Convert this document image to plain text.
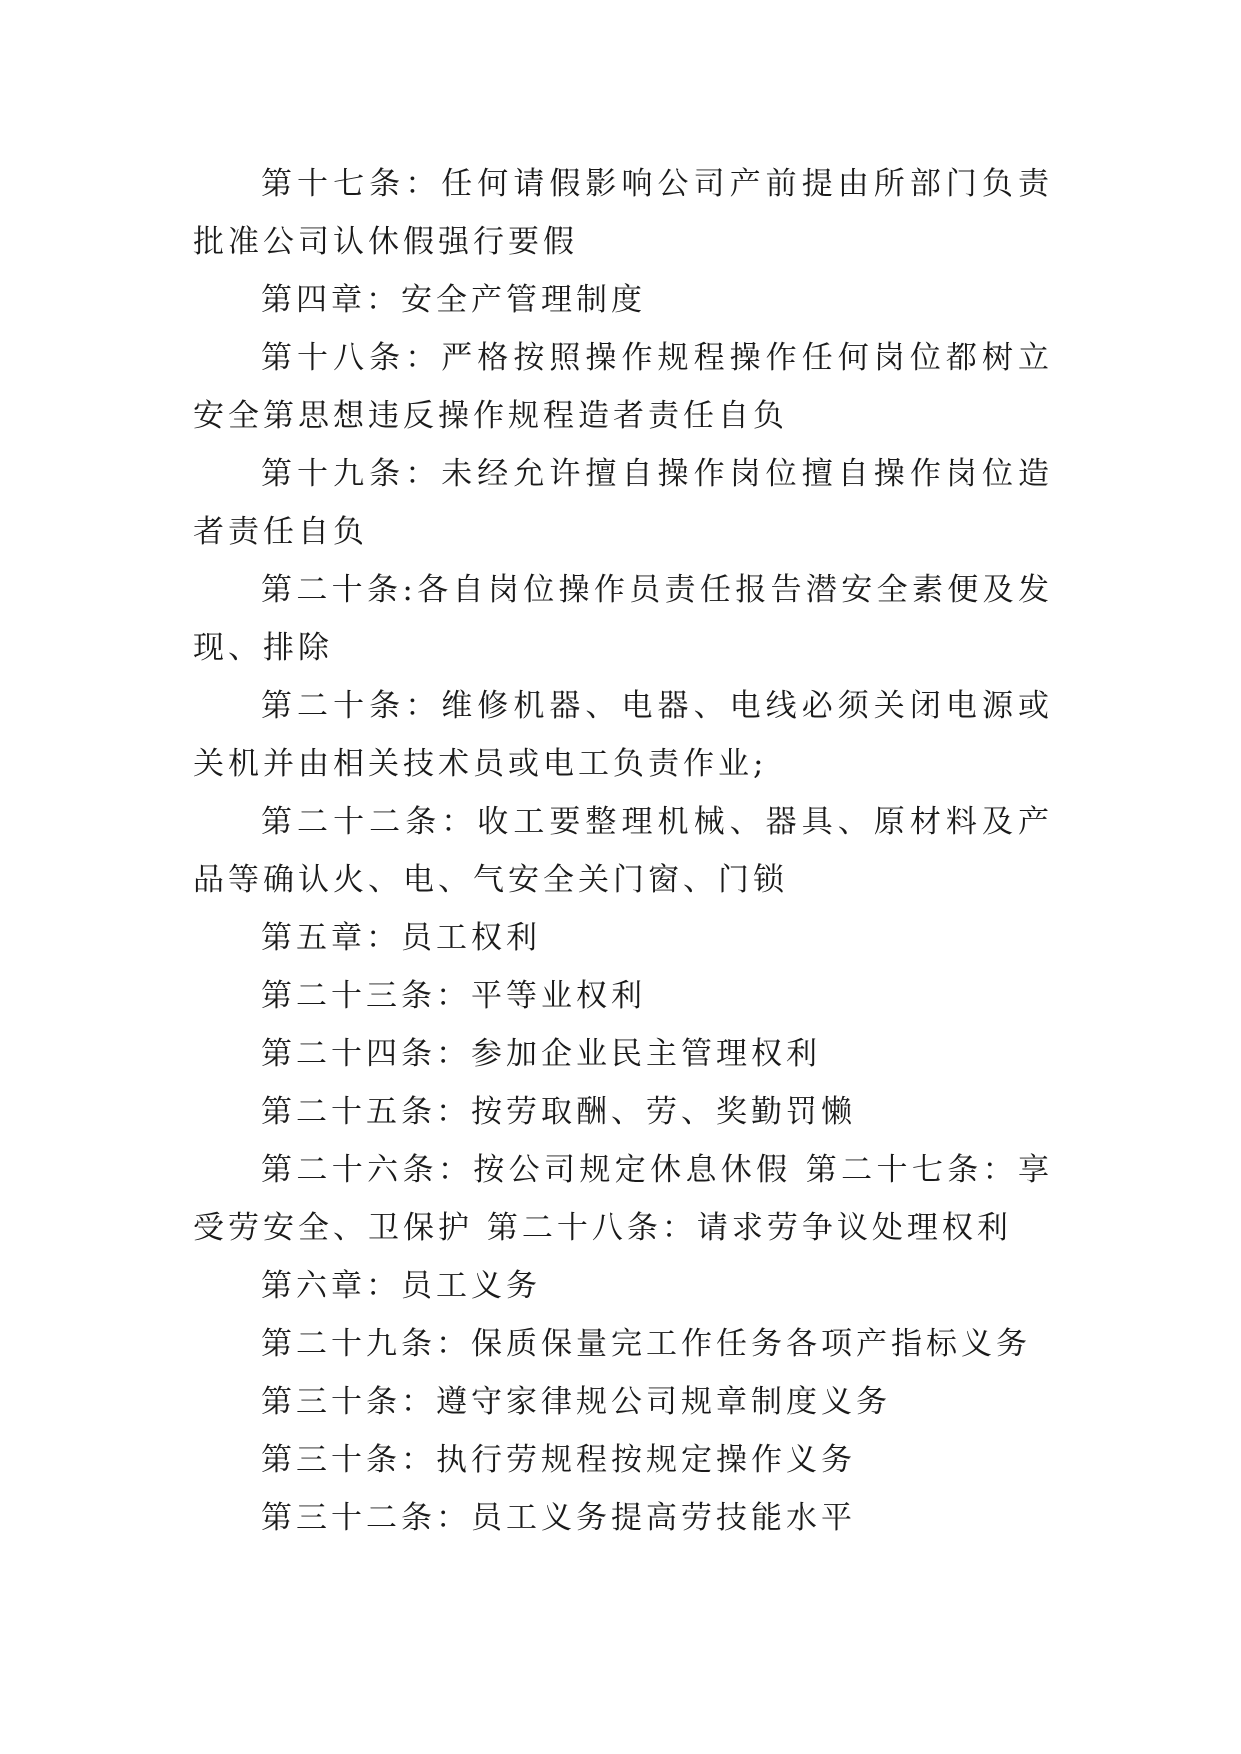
第十七条：任何请假影响公司产前提由所部门负责批准公司认休假强行要假

第四章：安全产管理制度

第十八条：严格按照操作规程操作任何岗位都树立安全第思想违反操作规程造者责任自负

第十九条：未经允许擅自操作岗位擅自操作岗位造者责任自负

第二十条:各自岗位操作员责任报告潜安全素便及发现、排除

第二十条：维修机器、电器、电线必须关闭电源或关机并由相关技术员或电工负责作业;

第二十二条：收工要整理机械、器具、原材料及产品等确认火、电、气安全关门窗、门锁

第五章：员工权利

第二十三条：平等业权利

第二十四条：参加企业民主管理权利

第二十五条：按劳取酬、劳、奖勤罚懒

第二十六条：按公司规定休息休假 第二十七条：享受劳安全、卫保护 第二十八条：请求劳争议处理权利

第六章：员工义务

第二十九条：保质保量完工作任务各项产指标义务

第三十条：遵守家律规公司规章制度义务

第三十条：执行劳规程按规定操作义务

第三十二条：员工义务提高劳技能水平
